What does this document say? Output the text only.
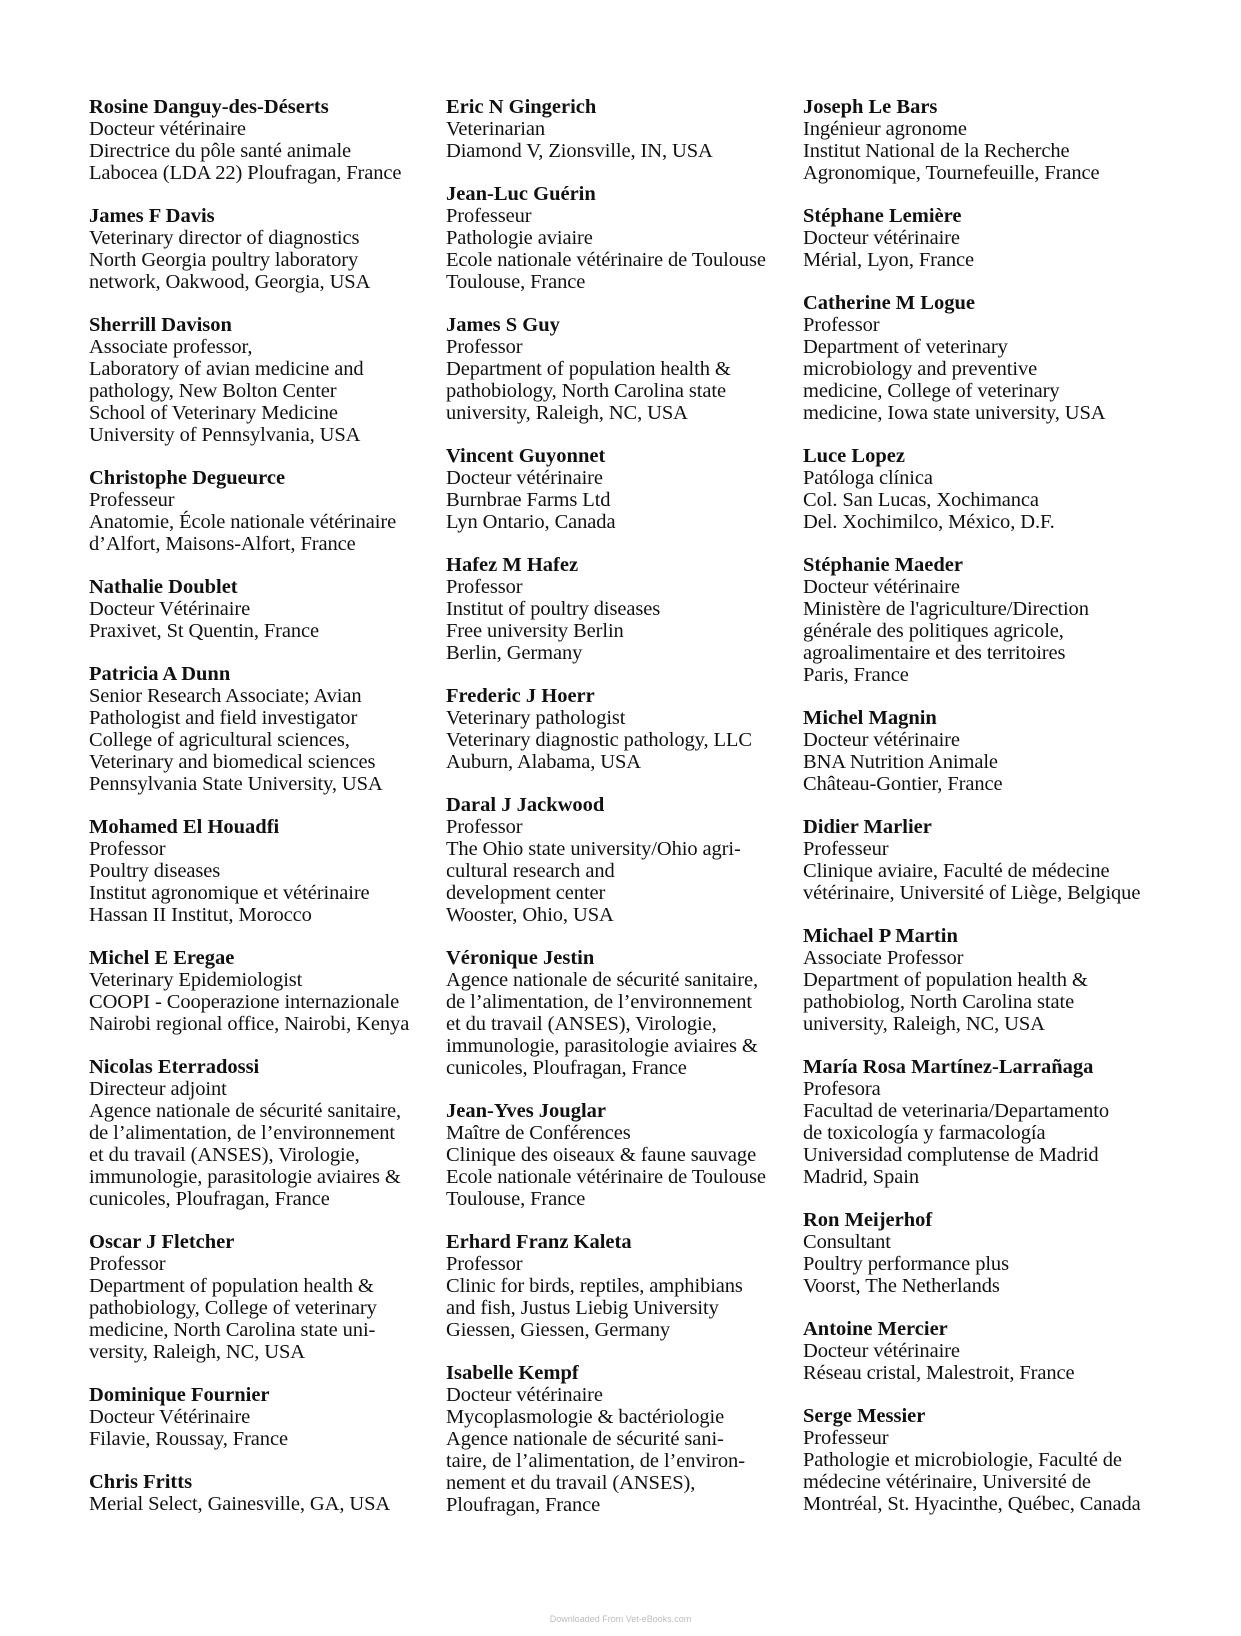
Rosine Danguy-des-Déserts
Docteur vétérinaire
Directrice du pôle santé animale
Labocea (LDA 22) Ploufragan, France
James F Davis
Veterinary director of diagnostics
North Georgia poultry laboratory
network, Oakwood, Georgia, USA
Sherrill Davison
Associate professor,
Laboratory of avian medicine and
pathology, New Bolton Center
School of Veterinary Medicine
University of Pennsylvania, USA
Christophe Degueurce
Professeur
Anatomie, École nationale vétérinaire
d’Alfort, Maisons-Alfort, France
Nathalie Doublet
Docteur Vétérinaire
Praxivet, St Quentin, France
Patricia A Dunn
Senior Research Associate; Avian
Pathologist and field investigator
College of agricultural sciences,
Veterinary and biomedical sciences
Pennsylvania State University, USA
Mohamed El Houadfi
Professor
Poultry diseases
Institut agronomique et vétérinaire
Hassan II Institut, Morocco
Michel E Eregae
Veterinary Epidemiologist
COOPI - Cooperazione internazionale
Nairobi regional office, Nairobi, Kenya
Nicolas Eterradossi
Directeur adjoint
Agence nationale de sécurité sanitaire,
de l’alimentation, de l’environnement
et du travail (ANSES), Virologie,
immunologie, parasitologie aviaires &
cunicoles, Ploufragan, France
Oscar J Fletcher
Professor
Department of population health &
pathobiology, College of veterinary
medicine, North Carolina state uni-
versity, Raleigh, NC, USA
Dominique Fournier
Docteur Vétérinaire
Filavie, Roussay, France
Chris Fritts
Merial Select, Gainesville, GA, USA
Eric N Gingerich
Veterinarian
Diamond V, Zionsville, IN, USA
Jean-Luc Guérin
Professeur
Pathologie aviaire
Ecole nationale vétérinaire de Toulouse
Toulouse, France
James S Guy
Professor
Department of population health &
pathobiology, North Carolina state
university, Raleigh, NC, USA
Vincent Guyonnet
Docteur vétérinaire
Burnbrae Farms Ltd
Lyn Ontario, Canada
Hafez M Hafez
Professor
Institut of poultry diseases
Free university Berlin
Berlin, Germany
Frederic J Hoerr
Veterinary pathologist
Veterinary diagnostic pathology, LLC
Auburn, Alabama, USA
Daral J Jackwood
Professor
The Ohio state university/Ohio agri-
cultural research and
development center
Wooster, Ohio, USA
Véronique Jestin
Agence nationale de sécurité sanitaire,
de l’alimentation, de l’environnement
et du travail (ANSES), Virologie,
immunologie, parasitologie aviaires &
cunicoles, Ploufragan, France
Jean-Yves Jouglar
Maître de Conférences
Clinique des oiseaux & faune sauvage
Ecole nationale vétérinaire de Toulouse
Toulouse, France
Erhard Franz Kaleta
Professor
Clinic for birds, reptiles, amphibians
and fish, Justus Liebig University
Giessen, Giessen, Germany
Isabelle Kempf
Docteur vétérinaire
Mycoplasmologie & bactériologie
Agence nationale de sécurité sani-
taire, de l’alimentation, de l’environ-
nement et du travail (ANSES),
Ploufragan, France
Joseph Le Bars
Ingénieur agronome
Institut National de la Recherche
Agronomique, Tournefeuille, France
Stéphane Lemière
Docteur vétérinaire
Mérial, Lyon, France
Catherine M Logue
Professor
Department of veterinary
microbiology and preventive
medicine, College of veterinary
medicine, Iowa state university, USA
Luce Lopez
Patóloga clínica
Col. San Lucas, Xochimanca
Del. Xochimilco, México, D.F.
Stéphanie Maeder
Docteur vétérinaire
Ministère de l'agriculture/Direction
générale des politiques agricole,
agroalimentaire et des territoires
Paris, France
Michel Magnin
Docteur vétérinaire
BNA Nutrition Animale
Château-Gontier, France
Didier Marlier
Professeur
Clinique aviaire, Faculté de médecine
vétérinaire, Université of Liège, Belgique
Michael P Martin
Associate Professor
Department of population health &
pathobiolog, North Carolina state
university, Raleigh, NC, USA
María Rosa Martínez-Larrañaga
Profesora
Facultad de veterinaria/Departamento
de toxicología y farmacología
Universidad complutense de Madrid
Madrid, Spain
Ron Meijerhof
Consultant
Poultry performance plus
Voorst, The Netherlands
Antoine Mercier
Docteur vétérinaire
Réseau cristal, Malestroit, France
Serge Messier
Professeur
Pathologie et microbiologie, Faculté de
médecine vétérinaire, Université de
Montréal, St. Hyacinthe, Québec, Canada
Downloaded From Vet-eBooks.com
